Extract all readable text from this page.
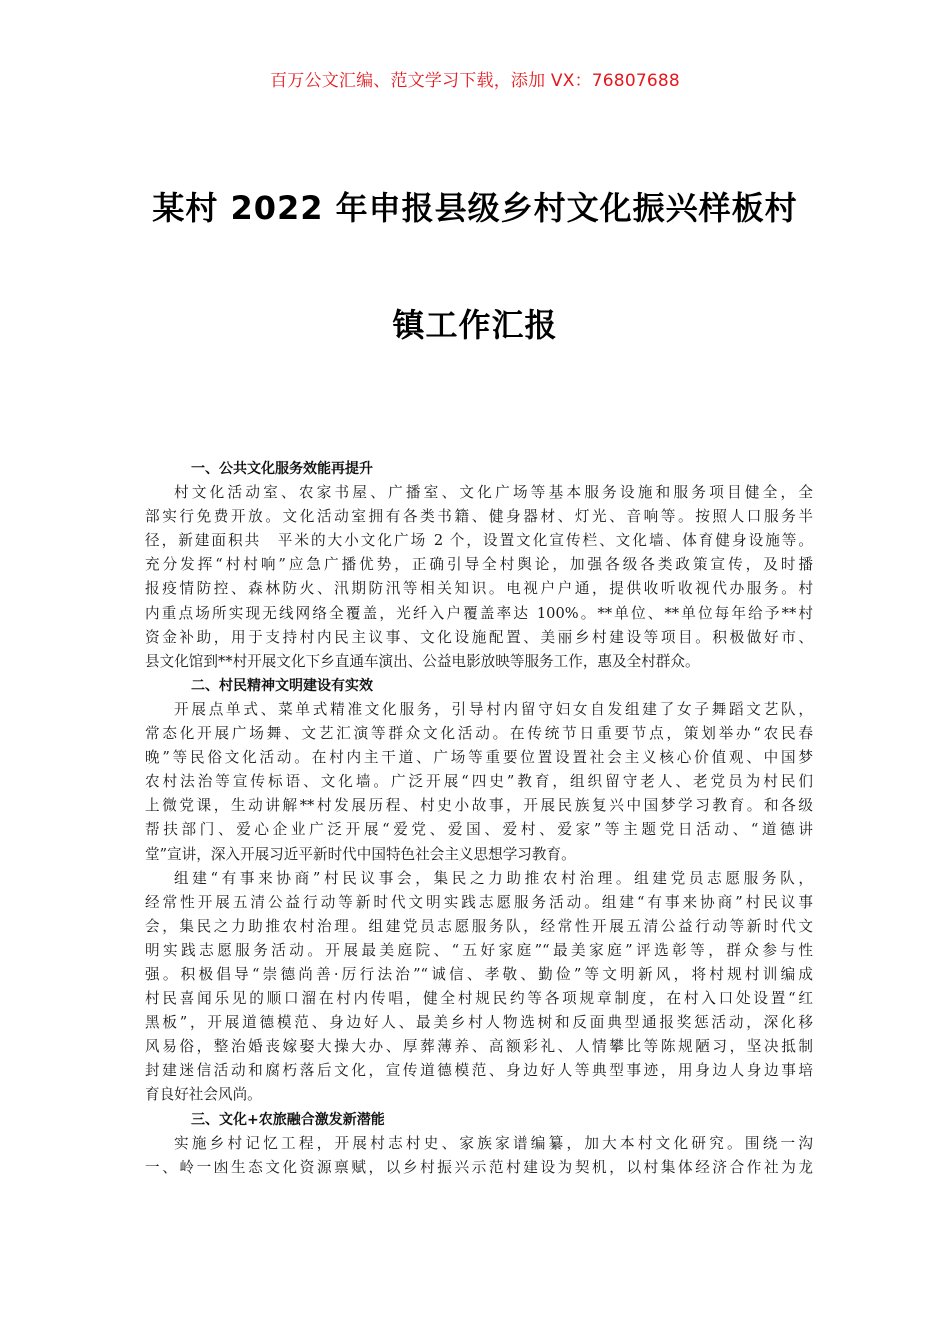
百万公文汇编、范文学习下载，添加 VX：76807688
某村 2022 年申报县级乡村文化振兴样板村
镇工作汇报
一、公共文化服务效能再提升
村文化活动室、农家书屋、广播室、文化广场等基本服务设施和服务项目健全，全
部实行免费开放。文化活动室拥有各类书籍、健身器材、灯光、音响等。按照人口服务半
径，新建面积共　平米的大小文化广场 2 个，设置文化宣传栏、文化墙、体育健身设施等。
充分发挥“村村响”应急广播优势，正确引导全村舆论，加强各级各类政策宣传，及时播
报疫情防控、森林防火、汛期防汛等相关知识。电视户户通，提供收听收视代办服务。村
内重点场所实现无线网络全覆盖，光纤入户覆盖率达 100%。**单位、**单位每年给予**村
资金补助，用于支持村内民主议事、文化设施配置、美丽乡村建设等项目。积极做好市、
县文化馆到**村开展文化下乡直通车演出、公益电影放映等服务工作，惠及全村群众。
二、村民精神文明建设有实效
开展点单式、菜单式精准文化服务，引导村内留守妇女自发组建了女子舞蹈文艺队，
常态化开展广场舞、文艺汇演等群众文化活动。在传统节日重要节点，策划举办“农民春
晚”等民俗文化活动。在村内主干道、广场等重要位置设置社会主义核心价值观、中国梦
农村法治等宣传标语、文化墙。广泛开展“四史”教育，组织留守老人、老党员为村民们
上微党课，生动讲解**村发展历程、村史小故事，开展民族复兴中国梦学习教育。和各级
帮扶部门、爱心企业广泛开展“爱党、爱国、爱村、爱家”等主题党日活动、“道德讲
堂”宣讲，深入开展习近平新时代中国特色社会主义思想学习教育。
组建“有事来协商”村民议事会，集民之力助推农村治理。组建党员志愿服务队，
经常性开展五清公益行动等新时代文明实践志愿服务活动。组建“有事来协商”村民议事
会，集民之力助推农村治理。组建党员志愿服务队，经常性开展五清公益行动等新时代文
明实践志愿服务活动。开展最美庭院、“五好家庭”“最美家庭”评选彰等，群众参与性
强。积极倡导“崇德尚善·厉行法治”“诚信、孝敬、勤俭”等文明新风，将村规村训编成
村民喜闻乐见的顺口溜在村内传唱，健全村规民约等各项规章制度，在村入口处设置“红
黑板”，开展道德模范、身边好人、最美乡村人物选树和反面典型通报奖惩活动，深化移
风易俗，整治婚丧嫁娶大操大办、厚葬薄养、高额彩礼、人情攀比等陈规陋习，坚决抵制
封建迷信活动和腐朽落后文化，宣传道德模范、身边好人等典型事迹，用身边人身边事培
育良好社会风尚。
三、文化+农旅融合激发新潜能
实施乡村记忆工程，开展村志村史、家族家谱编纂，加大本村文化研究。围绕一沟
一、岭一凼生态文化资源禀赋，以乡村振兴示范村建设为契机，以村集体经济合作社为龙
